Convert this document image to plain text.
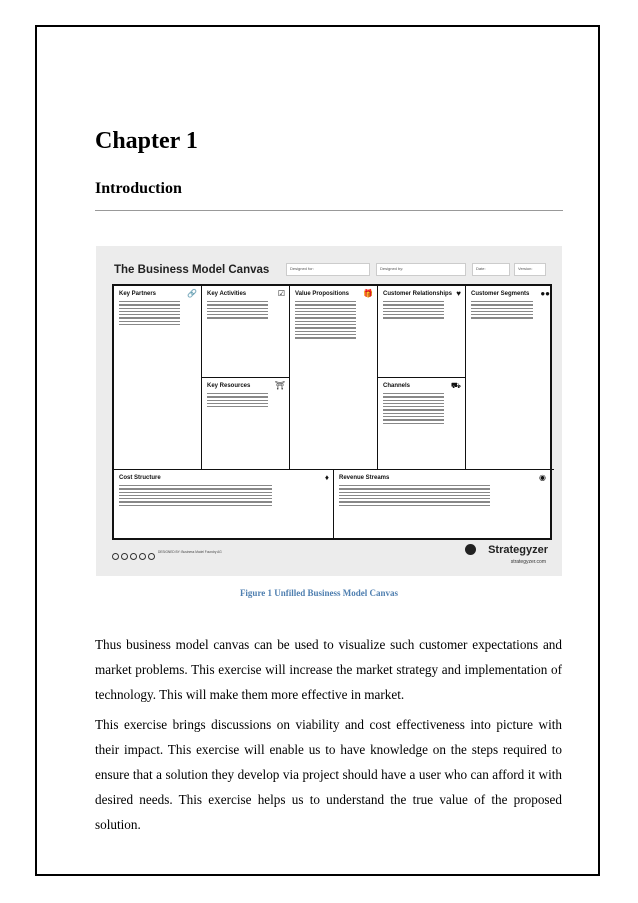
Chapter 1
Introduction
The Business Model Canvas	Designed for:	Designed by:	Date:	Version:
Key Partners	🔗 Key Activities	☑
Key Resources	⛩
Value Propositions 🎁 Customer Relationships ♥
Channels	⛟
Customer Segments ●●
Cost Structure	♦ Revenue Streams	◉
DESIGNED BY: Business Model Foundry AG	Strategyzer
strategyzer.com
Figure 1 Unfilled Business Model Canvas
Thus business model canvas can be used to visualize such customer expectations and market problems. This exercise will increase the market strategy and implementation of technology. This will make them more effective in market.
This exercise brings discussions on viability and cost effectiveness into picture with their impact. This exercise will enable us to have knowledge on the steps required to ensure that a solution they develop via project should have a user who can afford it with desired needs. This exercise helps us to understand the true value of the proposed solution.
